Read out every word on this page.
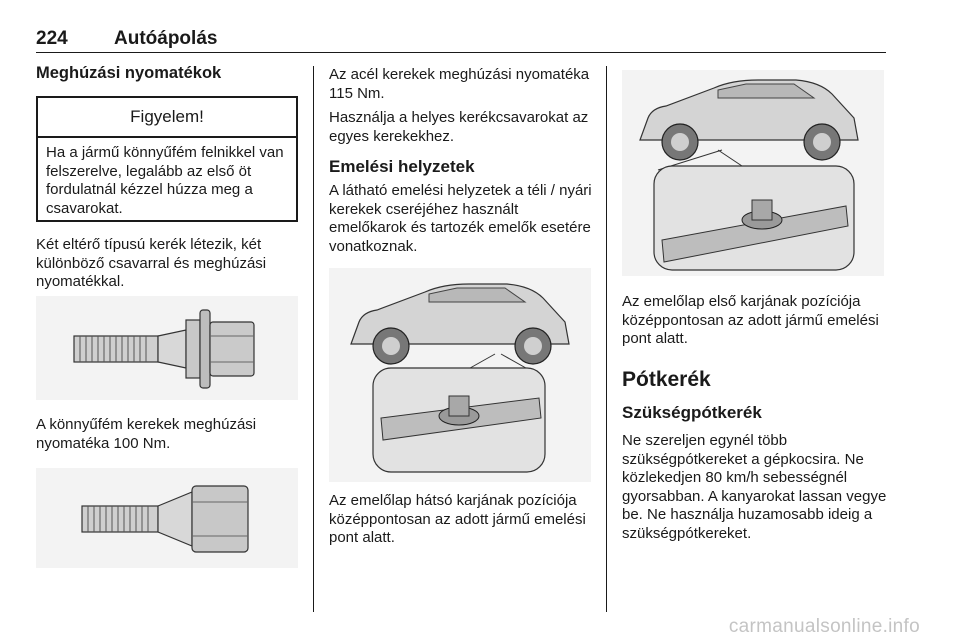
224 Autóápolás
Meghúzási nyomatékok
Figyelem!
Ha a jármű könnyűfém felnikkel van felszerelve, legalább az első öt fordulatnál kézzel húzza meg a csavarokat.

Két eltérő típusú kerék létezik, két különböző csavarral és meghúzási nyomatékkal.

A könnyűfém kerekek meghúzási nyomatéka 100 Nm.

Az acél kerekek meghúzási nyomatéka 115 Nm.

Használja a helyes kerékcsavarokat az egyes kerekekhez.

Emelési helyzetek

A látható emelési helyzetek a téli / nyári kerekek cseréjéhez használt emelőkarok és tartozék emelők esetére vonatkoznak.

Az emelőlap hátsó karjának pozíciója középpontosan az adott jármű emelési pont alatt.

Az emelőlap első karjának pozíciója középpontosan az adott jármű emelési pont alatt.

Pótkerék
Szükségpótkerék

Ne szereljen egynél több szükségpótkereket a gépkocsira. Ne közlekedjen 80 km/h sebességnél gyorsabban. A kanyarokat lassan vegye be. Ne használja huzamosabb ideig a szükségpótkereket.

carmanualsonline.info
